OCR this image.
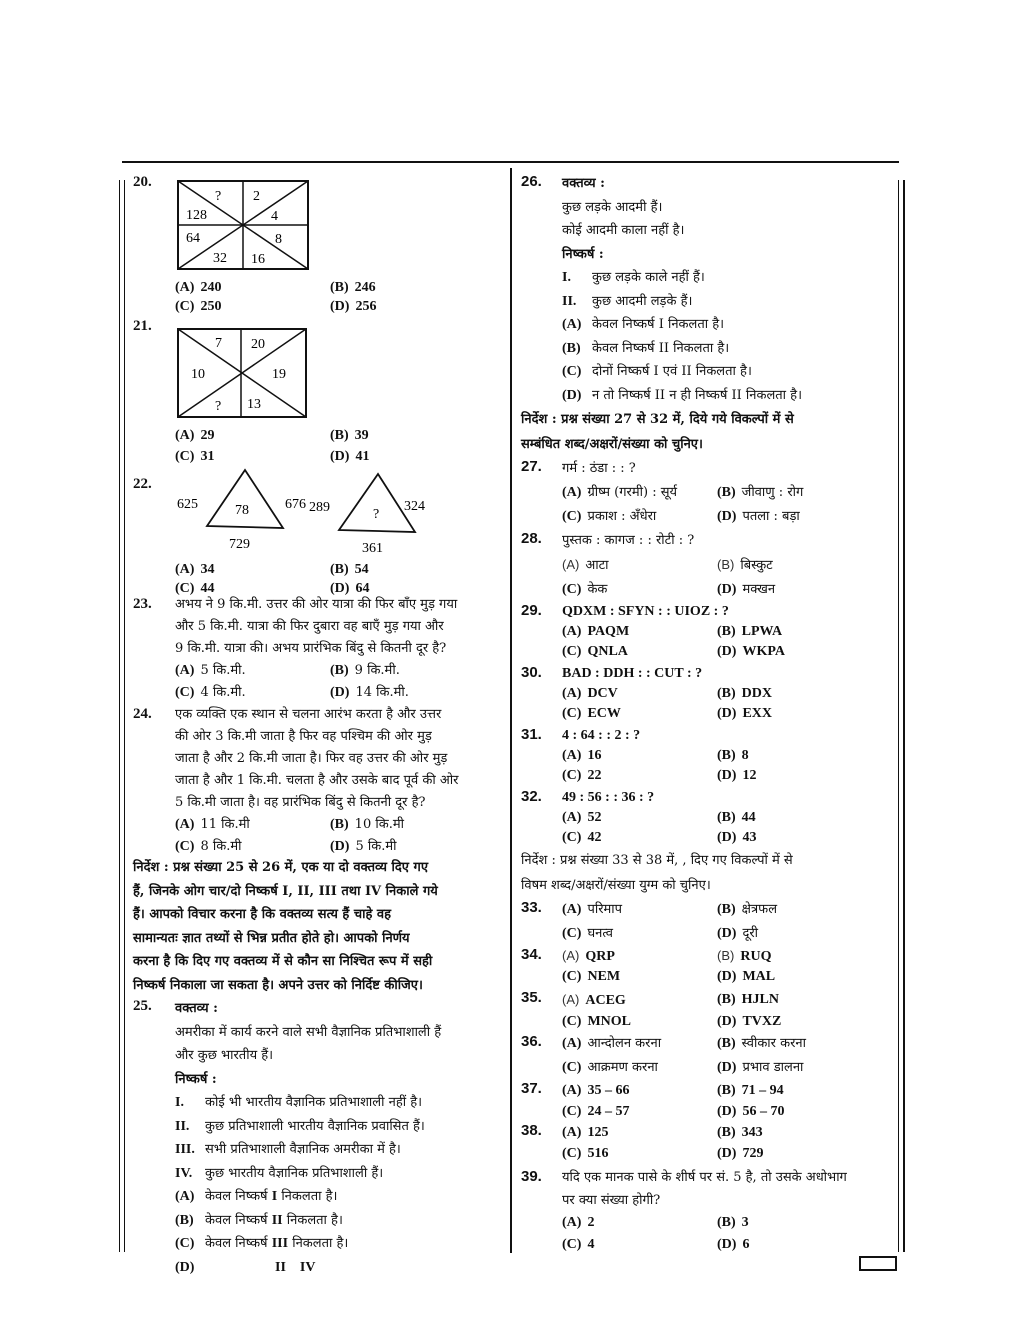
20.
?
128
2
4
64
32
8
16
(A) 240	(B) 246
(C) 250	(D) 256
21.
7 20
10	19
? 13
(A) 29	(B) 39
(C) 31	(D) 41
22.
625	78	676
729
289	?
324
361
(A) 34	(B) 54
(C) 44	(D) 64
23. अभय ने 9 कि.मी. उत्तर की ओर यात्रा की फिर बाँए मुड़ गया
और 5 कि.मी. यात्रा की फिर दुबारा वह बाएँ मुड़ गया और
9 कि.मी. यात्रा की। अभय प्रारंभिक बिंदु से कितनी दूर है?
(A) 5 कि.मी.	(B) 9 कि.मी.
(C) 4 कि.मी.	(D) 14 कि.मी.
24. एक व्यक्ति एक स्थान से चलना आरंभ करता है और उत्तर
की ओर 3 कि.मी जाता है फिर वह पश्चिम की ओर मुड़
जाता है और 2 कि.मी जाता है। फिर वह उत्तर की ओर मुड़
जाता है और 1 कि.मी. चलता है और उसके बाद पूर्व की ओर
5 कि.मी जाता है। वह प्रारंभिक बिंदु से कितनी दूर है?
(A) 11 कि.मी	(B) 10 कि.मी
(C) 8 कि.मी	(D) 5 कि.मी
निर्देश : प्रश्न संख्या 25 से 26 में, एक या दो वक्तव्य दिए गए
हैं, जिनके ओग चार/दो निष्कर्ष I, II, III तथा IV निकाले गये
हैं। आपको विचार करना है कि वक्तव्य सत्य हैं चाहे वह
सामान्यतः ज्ञात तथ्यों से भिन्न प्रतीत होते हो। आपको निर्णय
करना है कि दिए गए वक्तव्य में से कौन सा निश्चित रूप में सही
निष्कर्ष निकाला जा सकता है। अपने उत्तर को निर्दिष्ट कीजिए।
25. वक्तव्य :
अमरीका में कार्य करने वाले सभी वैज्ञानिक प्रतिभाशाली हैं
और कुछ भारतीय हैं।
निष्कर्ष :
I. कोई भी भारतीय वैज्ञानिक प्रतिभाशाली नहीं है।
II. कुछ प्रतिभाशाली भारतीय वैज्ञानिक प्रवासित हैं।
III. सभी प्रतिभाशाली वैज्ञानिक अमरीका में है।
IV. कुछ भारतीय वैज्ञानिक प्रतिभाशाली हैं।
(A) केवल निष्कर्ष I निकलता है।
(B) केवल निष्कर्ष II निकलता है।
(C) केवल निष्कर्ष III निकलता है।
(D)	II    IV
26. वक्तव्य :
कुछ लड़के आदमी हैं।
कोई आदमी काला नहीं है।
निष्कर्ष :
I. कुछ लड़के काले नहीं हैं।
II. कुछ आदमी लड़के हैं।
(A) केवल निष्कर्ष I निकलता है।
(B) केवल निष्कर्ष II निकलता है।
(C) दोनों निष्कर्ष I एवं II निकलता है।
(D) न तो निष्कर्ष II न ही निष्कर्ष II निकलता है।
निर्देश : प्रश्न संख्या 27 से 32 में, दिये गये विकल्पों में से
सम्बंधित शब्द/अक्षरों/संख्या को चुनिए।
27. गर्म : ठंडा : : ?
(A) ग्रीष्म (गरमी) : सूर्य	(B) जीवाणु : रोग
(C) प्रकाश : अँधेरा	(D) पतला : बड़ा
28. पुस्तक : कागज : : रोटी : ?
(A) आटा	(B) बिस्कुट
(C) केक	(D) मक्खन
29. QDXM : SFYN : : UIOZ : ?
(A) PAQM	(B) LPWA
(C) QNLA	(D) WKPA
30. BAD : DDH : : CUT : ?
(A) DCV	(B) DDX
(C) ECW	(D) EXX
31. 4 : 64 : : 2 : ?
(A) 16	(B) 8
(C) 22	(D) 12
32. 49 : 56 : : 36 : ?
(A) 52	(B) 44
(C) 42	(D) 43
निर्देश : प्रश्न संख्या 33 से 38 में, , दिए गए विकल्पों में से
विषम शब्द/अक्षरों/संख्या युग्म को चुनिए।
33. (A) परिमाप	(B) क्षेत्रफल
(C) घनत्व	(D) दूरी
34. (A) QRP	(B) RUQ
(C) NEM	(D) MAL
35. (A) ACEG	(B) HJLN
(C) MNOL	(D) TVXZ
36. (A) आन्दोलन करना	(B) स्वीकार करना
(C) आक्रमण करना	(D) प्रभाव डालना
37. (A) 35 – 66	(B) 71 – 94
(C) 24 – 57	(D) 56 – 70
38. (A) 125	(B) 343
(C) 516	(D) 729
39. यदि एक मानक पासे के शीर्ष पर सं. 5 है, तो उसके अधोभाग
पर क्या संख्या होगी?
(A) 2	(B) 3
(C) 4	(D) 6
